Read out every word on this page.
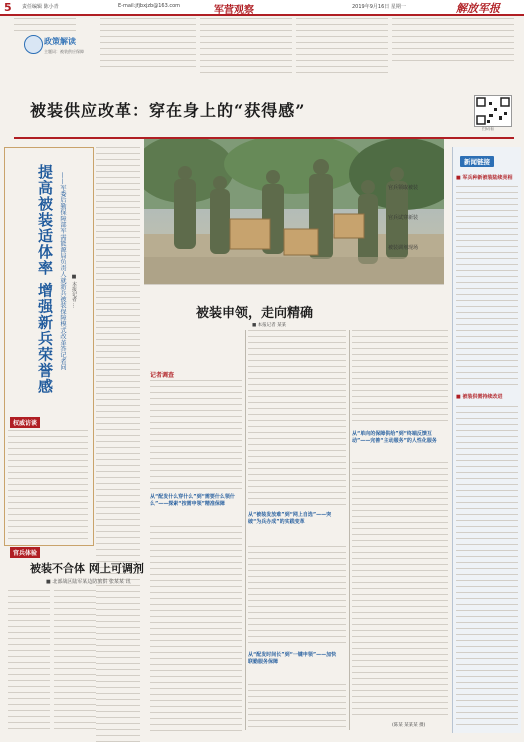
5 责任编辑 陈小青	E-mail:jfjbxjzb@163.com	军营观察	2019年9月16日 星期一	解放军报
政策解读
主题词：被装供应保障
被装供应改革：穿在身上的“获得感”
扫码看
提高被装适体率 增强新兵荣誉感 ——军委后勤保障部军需能源局负责人就新兵被装保障模式改革答记者问 ■ 本报记者 ...
权威访谈
官兵体验
被装不合体 网上可调剂
■ 北部战区陆军某边防旅供 张某某 讯
官兵领取被装
官兵试穿新装
被装调剂现场
被装申领，走向精确
■ 本报记者 某某
记者调查
从“配发什么穿什么”到“需要什么领什么”——探索“按需申领”精准保障
从“被装发放难”到“网上自选”——突破“为兵办成”的实践变革
从“配发时间长”到“一键申领”——加快联勤服务保障
从“单向的保障供给”到“终端反馈互动”——完善“主动服务”的人性化服务
(陈某 某某某 摄)
新闻链接
■ 军兵种新被装陆续亮相
■ 被装供需持续改进
